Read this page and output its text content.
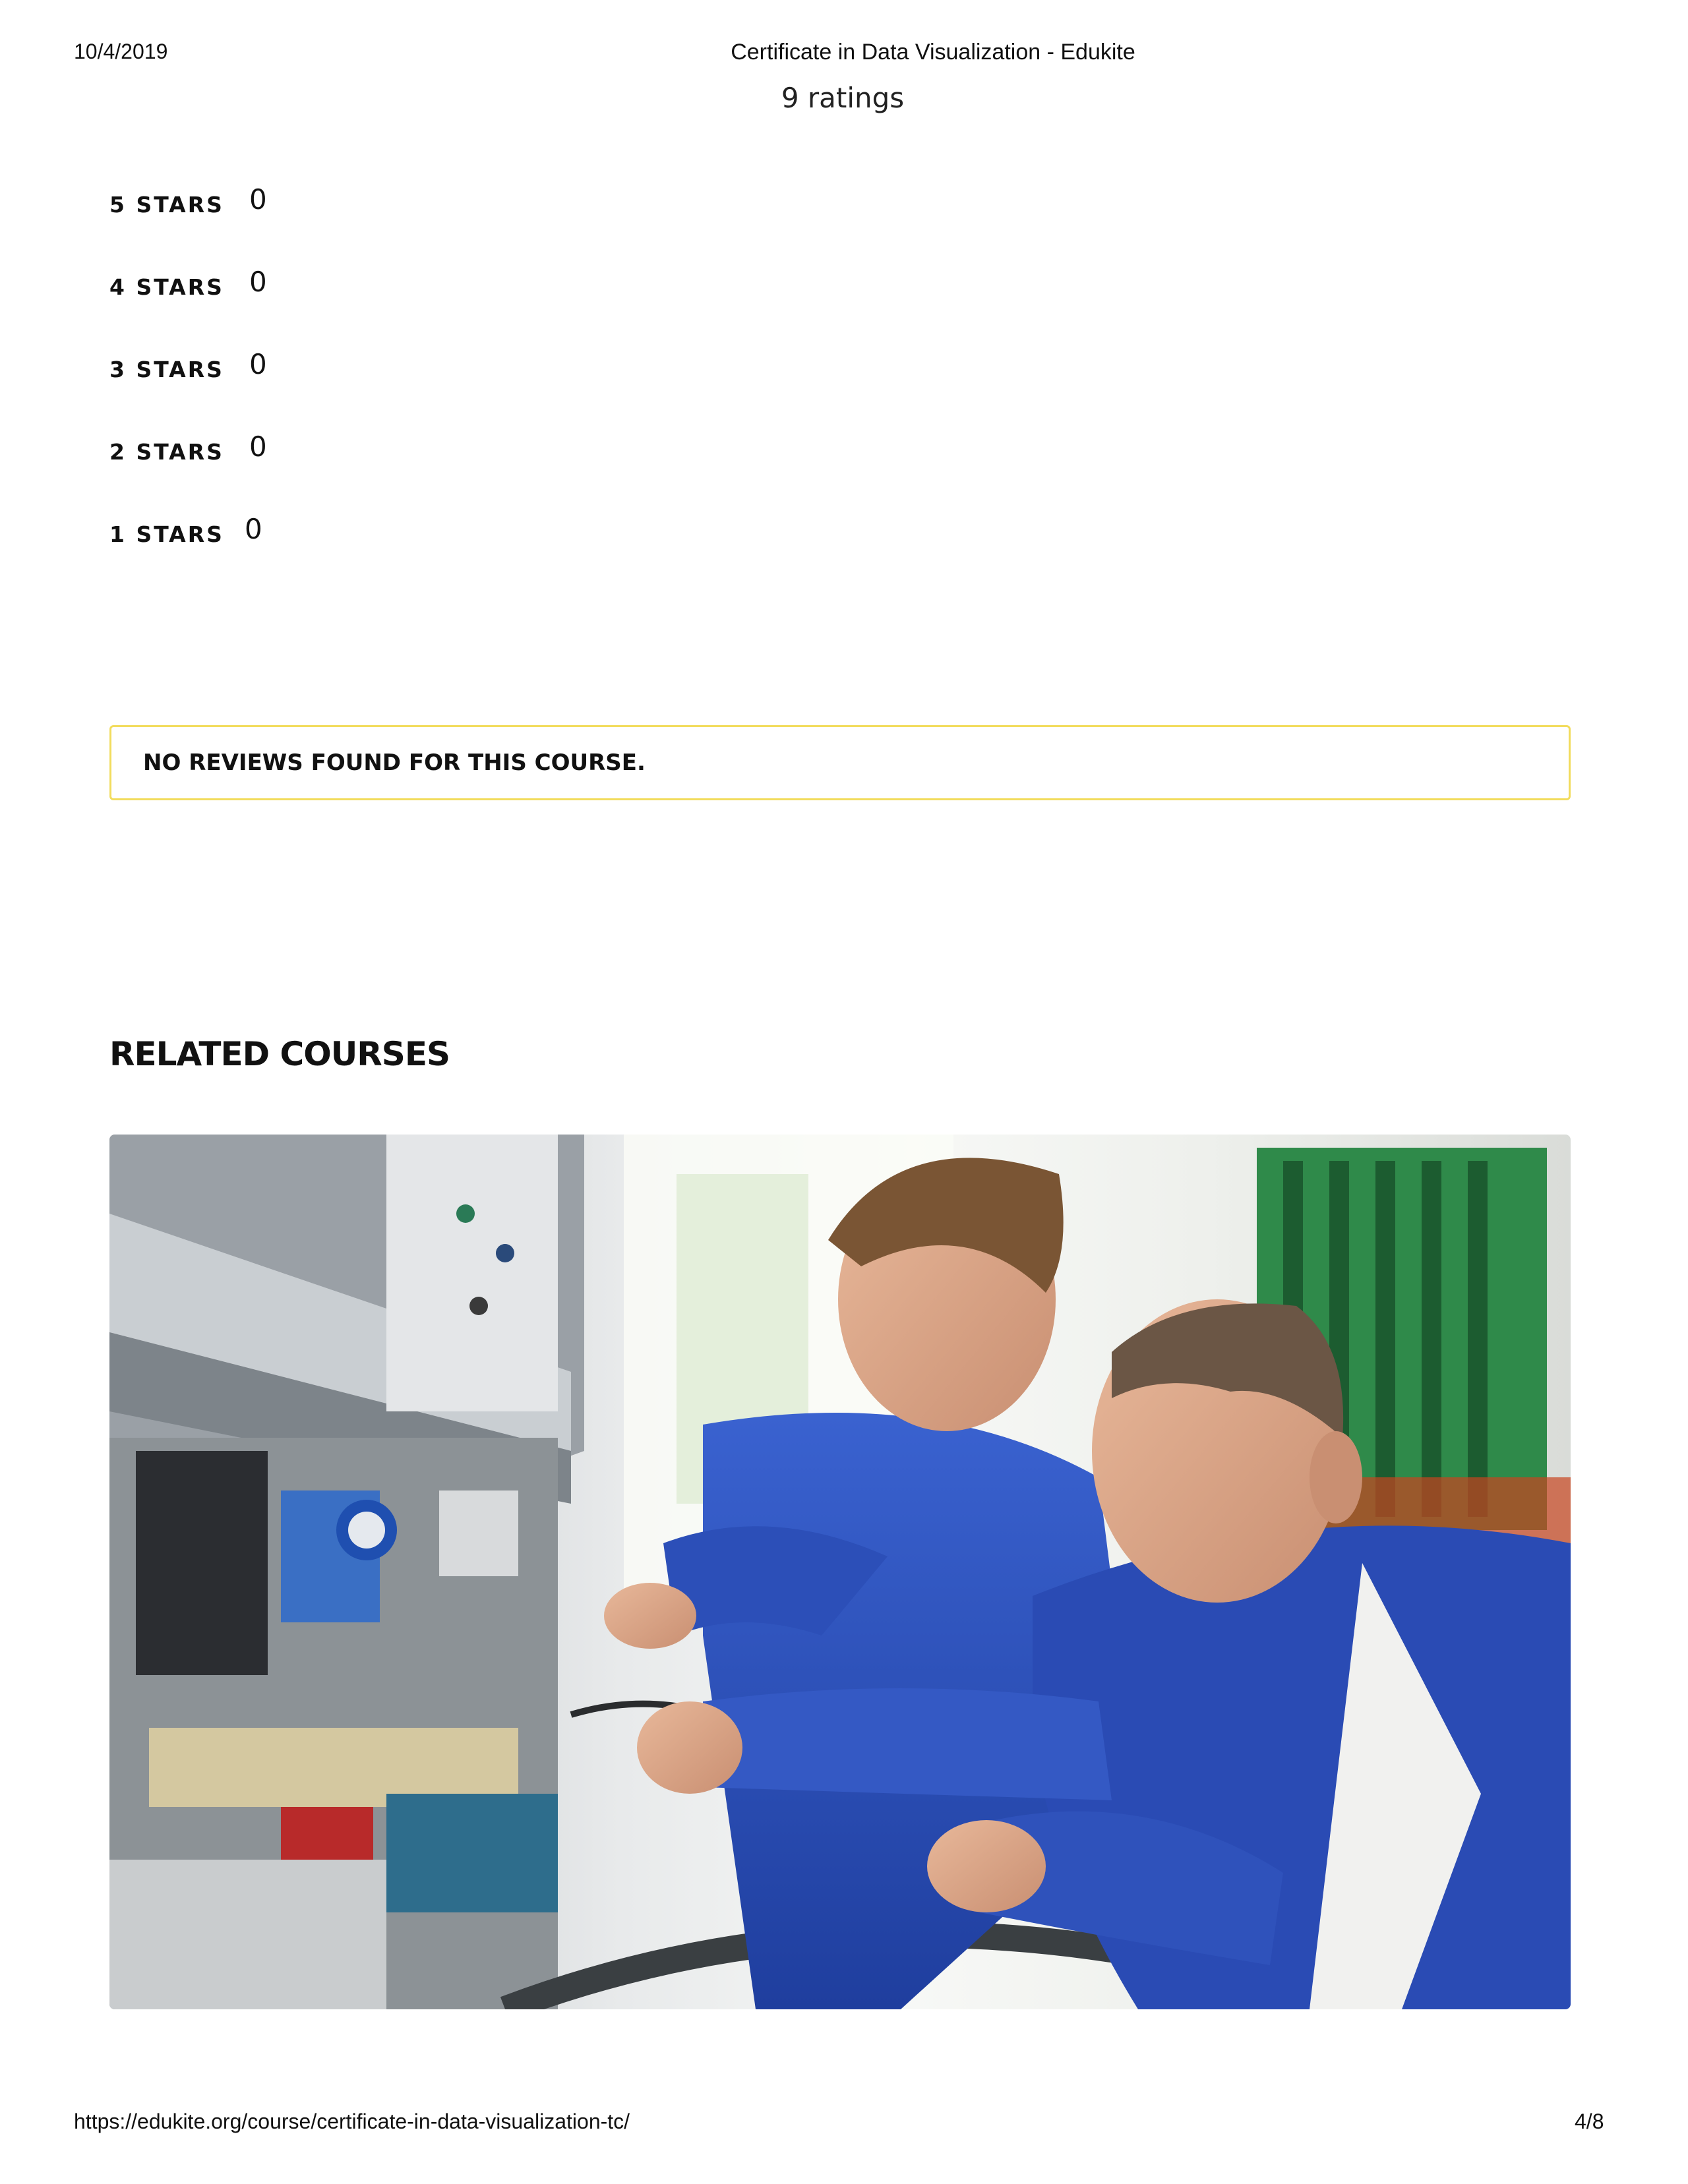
10/4/2019	Certificate in Data Visualization - Edukite
9 ratings
5 STARS 0
4 STARS 0
3 STARS 0
2 STARS 0
1 STARS 0
NO REVIEWS FOUND FOR THIS COURSE.
RELATED COURSES
https://edukite.org/course/certificate-in-data-visualization-tc/	4/8
